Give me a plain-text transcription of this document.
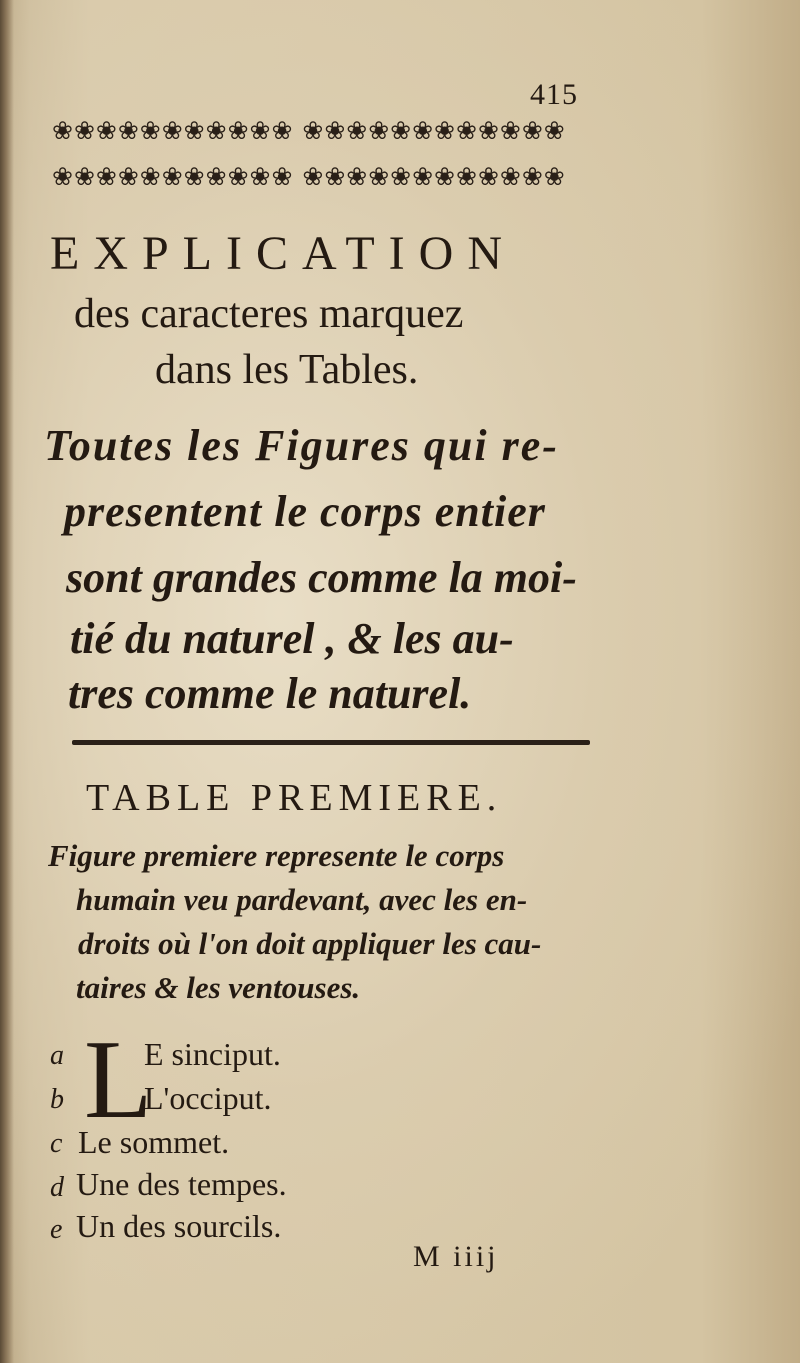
415
❀❀❀❀❀❀❀❀❀❀❀ ❀❀❀❀❀❀❀❀❀❀❀❀
❀❀❀❀❀❀❀❀❀❀❀ ❀❀❀❀❀❀❀❀❀❀❀❀
EXPLICATION
des caracteres marquez
dans les Tables.
Toutes les Figures qui re-
presentent le corps entier
sont grandes comme la moi-
tié du naturel , & les au-
tres comme le naturel.
TABLE PREMIERE.
Figure premiere represente le corps
humain veu pardevant, avec les en-
droits où l'on doit appliquer les cau-
taires & les ventouses.
a
b
c
d
e
L
E sinciput.
L'occiput.
Le sommet.
Une des tempes.
Un des sourcils.
M iiij
